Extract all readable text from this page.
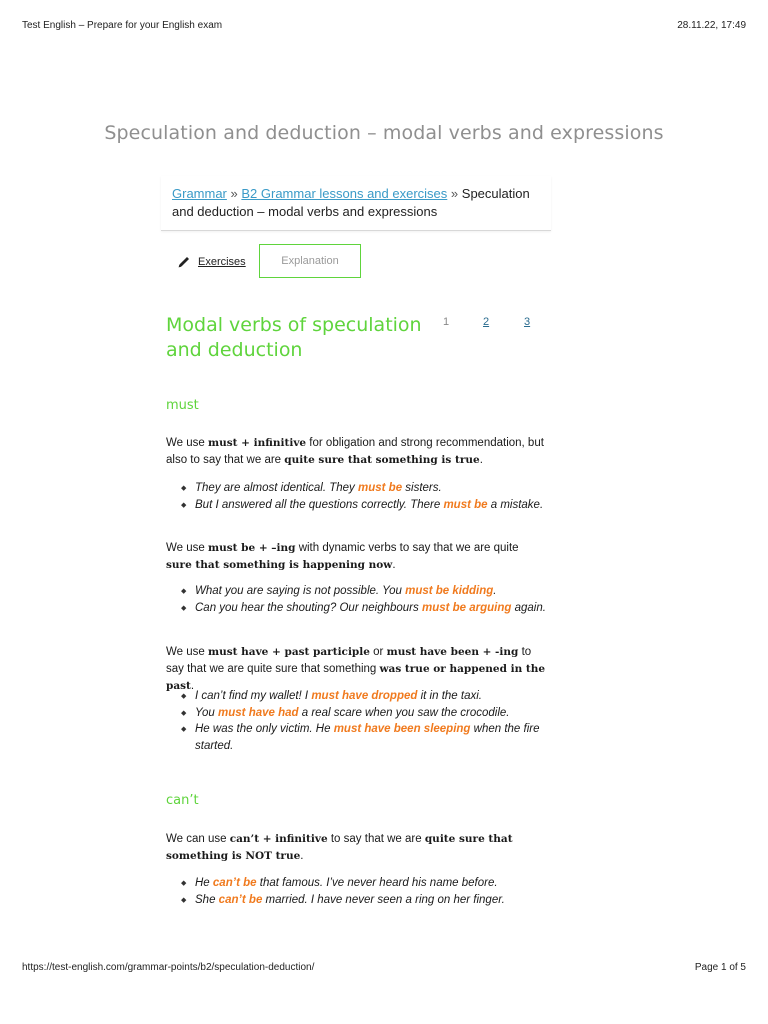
Test English – Prepare for your English exam	28.11.22, 17:49
Speculation and deduction – modal verbs and expressions
Grammar » B2 Grammar lessons and exercises » Speculation and deduction – modal verbs and expressions
Exercises	Explanation
Modal verbs of speculation and deduction
1	2	3
must

We use must + infinitive for obligation and strong recommendation, but also to say that we are quite sure that something is true.

◆ They are almost identical. They must be sisters.
◆ But I answered all the questions correctly. There must be a mistake.

We use must be + –ing with dynamic verbs to say that we are quite sure that something is happening now.

◆ What you are saying is not possible. You must be kidding.
◆ Can you hear the shouting? Our neighbours must be arguing again.

We use must have + past participle or must have been + -ing to say that we are quite sure that something was true or happened in the past.

◆ I can’t find my wallet! I must have dropped it in the taxi.
◆ You must have had a real scare when you saw the crocodile.
◆ He was the only victim. He must have been sleeping when the fire started.
can’t

We can use can’t + infinitive to say that we are quite sure that something is NOT true.

◆ He can’t be that famous. I’ve never heard his name before.
◆ She can’t be married. I have never seen a ring on her finger.
https://test-english.com/grammar-points/b2/speculation-deduction/	Page 1 of 5
